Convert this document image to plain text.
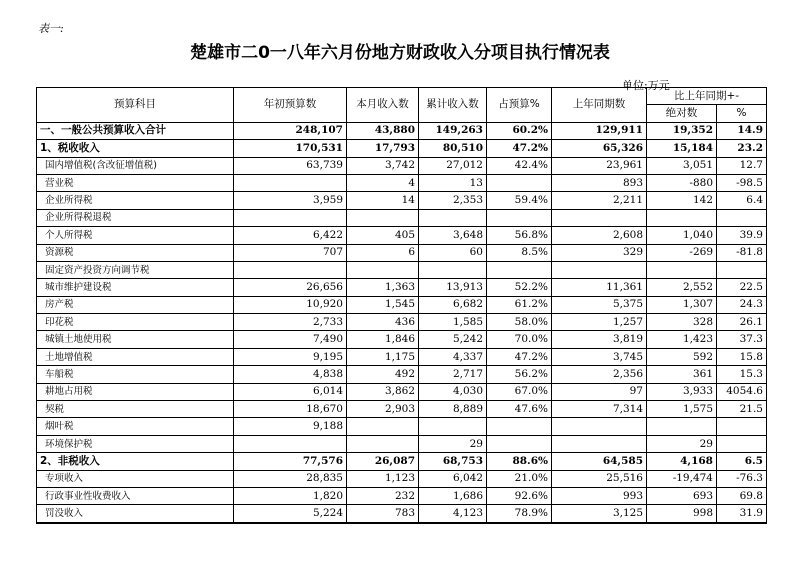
表一:
楚雄市二0一八年六月份地方财政收入分项目执行情况表
单位:万元
预算科目	年初预算数	本月收入数	累计收入数	占预算%	上年同期数	比上年同期+-	
						绝对数	%
一、一般公共预算收入合计	248,107	43,880	149,263	60.2%	129,911	19,352	14.9
1、税收收入	170,531	17,793	80,510	47.2%	65,326	15,184	23.2
国内增值税(含改征增值税)	63,739	3,742	27,012	42.4%	23,961	3,051	12.7
营业税		4	13		893	-880	-98.5
企业所得税	3,959	14	2,353	59.4%	2,211	142	6.4
企业所得税退税							
个人所得税	6,422	405	3,648	56.8%	2,608	1,040	39.9
资源税	707	6	60	8.5%	329	-269	-81.8
固定资产投资方向调节税							
城市维护建设税	26,656	1,363	13,913	52.2%	11,361	2,552	22.5
房产税	10,920	1,545	6,682	61.2%	5,375	1,307	24.3
印花税	2,733	436	1,585	58.0%	1,257	328	26.1
城镇土地使用税	7,490	1,846	5,242	70.0%	3,819	1,423	37.3
土地增值税	9,195	1,175	4,337	47.2%	3,745	592	15.8
车船税	4,838	492	2,717	56.2%	2,356	361	15.3
耕地占用税	6,014	3,862	4,030	67.0%	97	3,933	4054.6
契税	18,670	2,903	8,889	47.6%	7,314	1,575	21.5
烟叶税	9,188						
环境保护税			29			29	
2、非税收入	77,576	26,087	68,753	88.6%	64,585	4,168	6.5
专项收入	28,835	1,123	6,042	21.0%	25,516	-19,474	-76.3
行政事业性收费收入	1,820	232	1,686	92.6%	993	693	69.8
罚没收入	5,224	783	4,123	78.9%	3,125	998	31.9
